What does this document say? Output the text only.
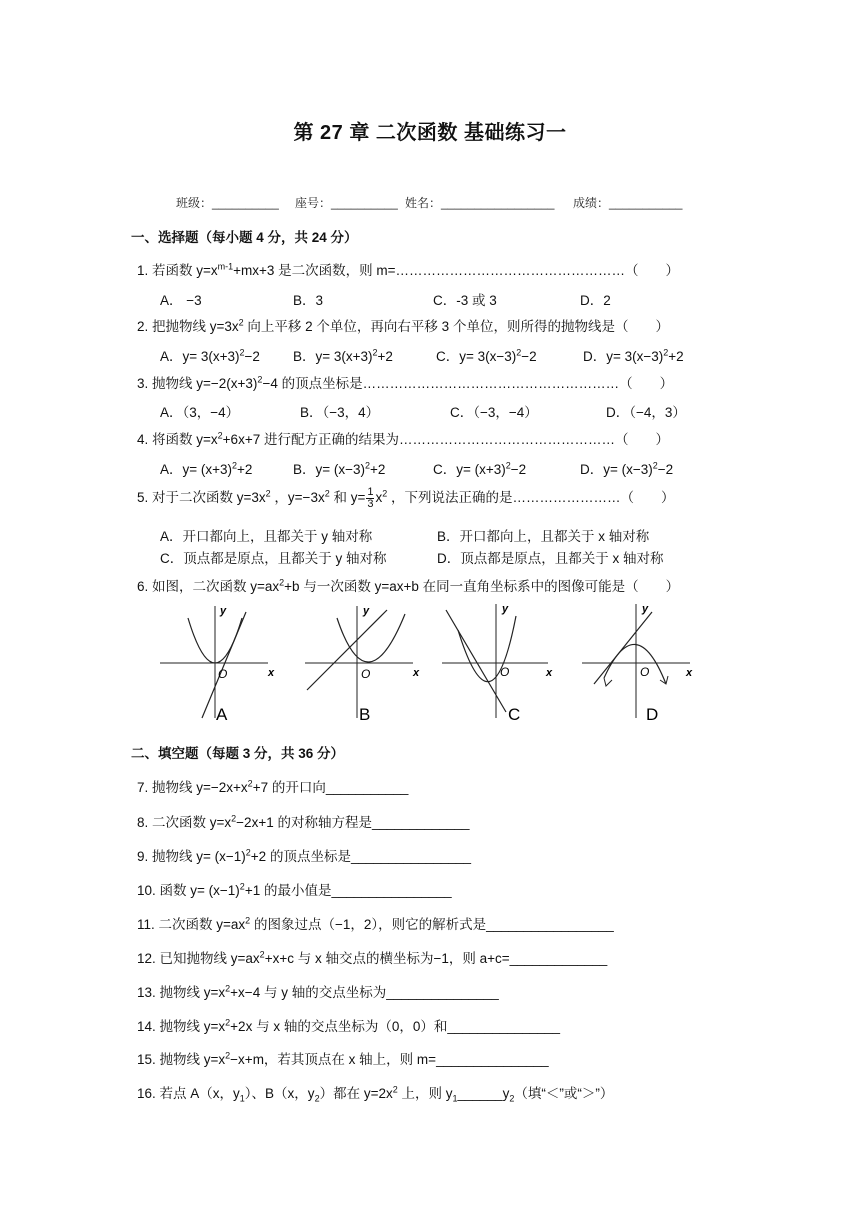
第 27 章 二次函数 基础练习一
班级：__________ 座号：__________ 姓名：_________________ 成绩：___________
一、选择题（每小题 4 分，共 24 分）
1. 若函数 $y=x^{m-1}+mx+3$ 是二次函数，则 m=……………………………………………（　　）
A． −3	B．3	C．-3 或 3	D．2
2. 把抛物线 $y=3x^2$ 向上平移 2 个单位，再向右平移 3 个单位，则所得的抛物线是（　　）
A．$y= 3(x+3)^2-2$ B．$y= 3(x+3)^2+2$	C．$y= 3(x-3)^2-2$	D．$y= 3(x-3)^2+2$
3. 抛物线 $y=-2(x+3)^2-4$ 的顶点坐标是…………………………………………………（　　）
A．（3，−4）	B．（−3，4）	C．（−3，−4）	D．（−4，3）
4. 将函数 $y=x^2+6x+7$ 进行配方正确的结果为…………………………………………（　　）
A．$y= (x+3)^2+2$	B．$y= (x-3)^2+2$	C．$y= (x+3)^2-2$	D．$y= (x-3)^2-2$
5. 对于二次函数 $y=3x^2$ ，$y=-3x^2$ 和 $y= \frac{1}{3} x^2$ ，下列说法正确的是……………………（　　）
A．开口都向上，且都关于 y 轴对称	B．开口都向上，且都关于 x 轴对称
C．顶点都是原点，且都关于 y 轴对称	D．顶点都是原点，且都关于 x 轴对称
6. 如图，二次函数 $y=ax^2+b$ 与一次函数 y=ax+b 在同一直角坐标系中的图像可能是（　　）
y
O	x
A
y
O	x
B
y
O	x
C
y
O	x
D
二、填空题（每题 3 分，共 36 分）
7. 抛物线 $y=-2x+x^2+7$ 的开口向___________
8. 二次函数 $y=x^2-2x+1$ 的对称轴方程是_____________
9. 抛物线 $y= (x-1)^2+2$ 的顶点坐标是________________
10. 函数 $y= (x-1)^2+1$ 的最小值是________________
11. 二次函数 $y=ax^2$ 的图象过点（−1，2），则它的解析式是_________________
12. 已知抛物线 $y=ax^2+x+c$ 与 x 轴交点的横坐标为−1，则 a+c=_____________
13. 抛物线 $y=x^2+x-4$ 与 y 轴的交点坐标为_______________
14. 抛物线 $y=x^2+2x$ 与 x 轴的交点坐标为（0，0）和_______________
15. 抛物线 $y=x^2-x+m$，若其顶点在 x 轴上，则 m=_______________
16. 若点 A（x，$y_1$）、B（x，$y_2$）都在 $y=2x^2$ 上，则 $y_1\_\_\_\_\_\_y_2$（填“＜”或“＞”）
